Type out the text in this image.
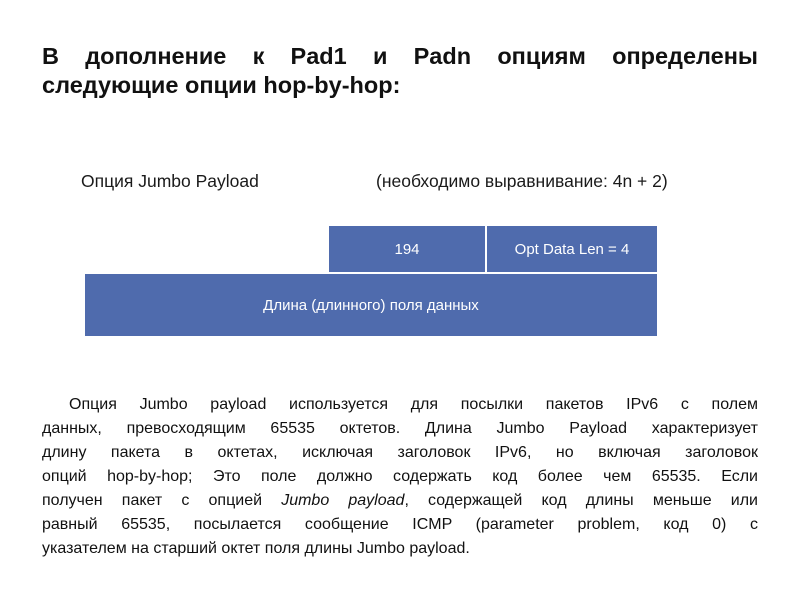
В дополнение к Pad1 и Padn опциям определены
следующие опции hop-by-hop:
Опция Jumbo Payload	(необходимо выравнивание: 4n + 2)
194	Opt Data Len = 4
Длина (длинного) поля данных
Опция Jumbo payload используется для посылки пакетов IPv6 с полем
данных, превосходящим 65535 октетов. Длина Jumbo Payload характеризует
длину пакета в октетах, исключая заголовок IPv6, но включая заголовок
опций hop-by-hop; Это поле должно содержать код более чем 65535. Если
получен пакет с опцией Jumbo payload, содержащей код длины меньше или
равный 65535, посылается сообщение ICMP (parameter problem, код 0) с
указателем на старший октет поля длины Jumbo payload.
